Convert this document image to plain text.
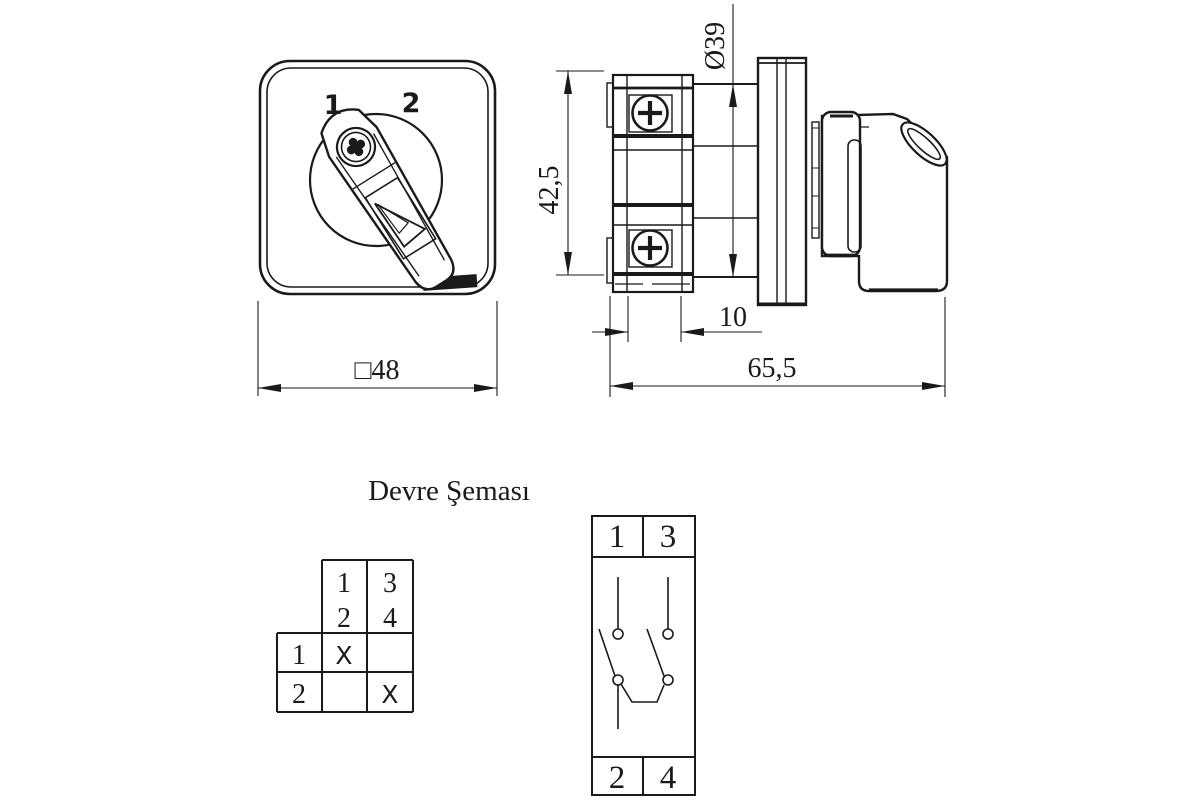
1 2
□48
42,5
Ø39
10
65,5
Devre Şeması
1
2
3
4
1
2
X
X
1 3
2 4
